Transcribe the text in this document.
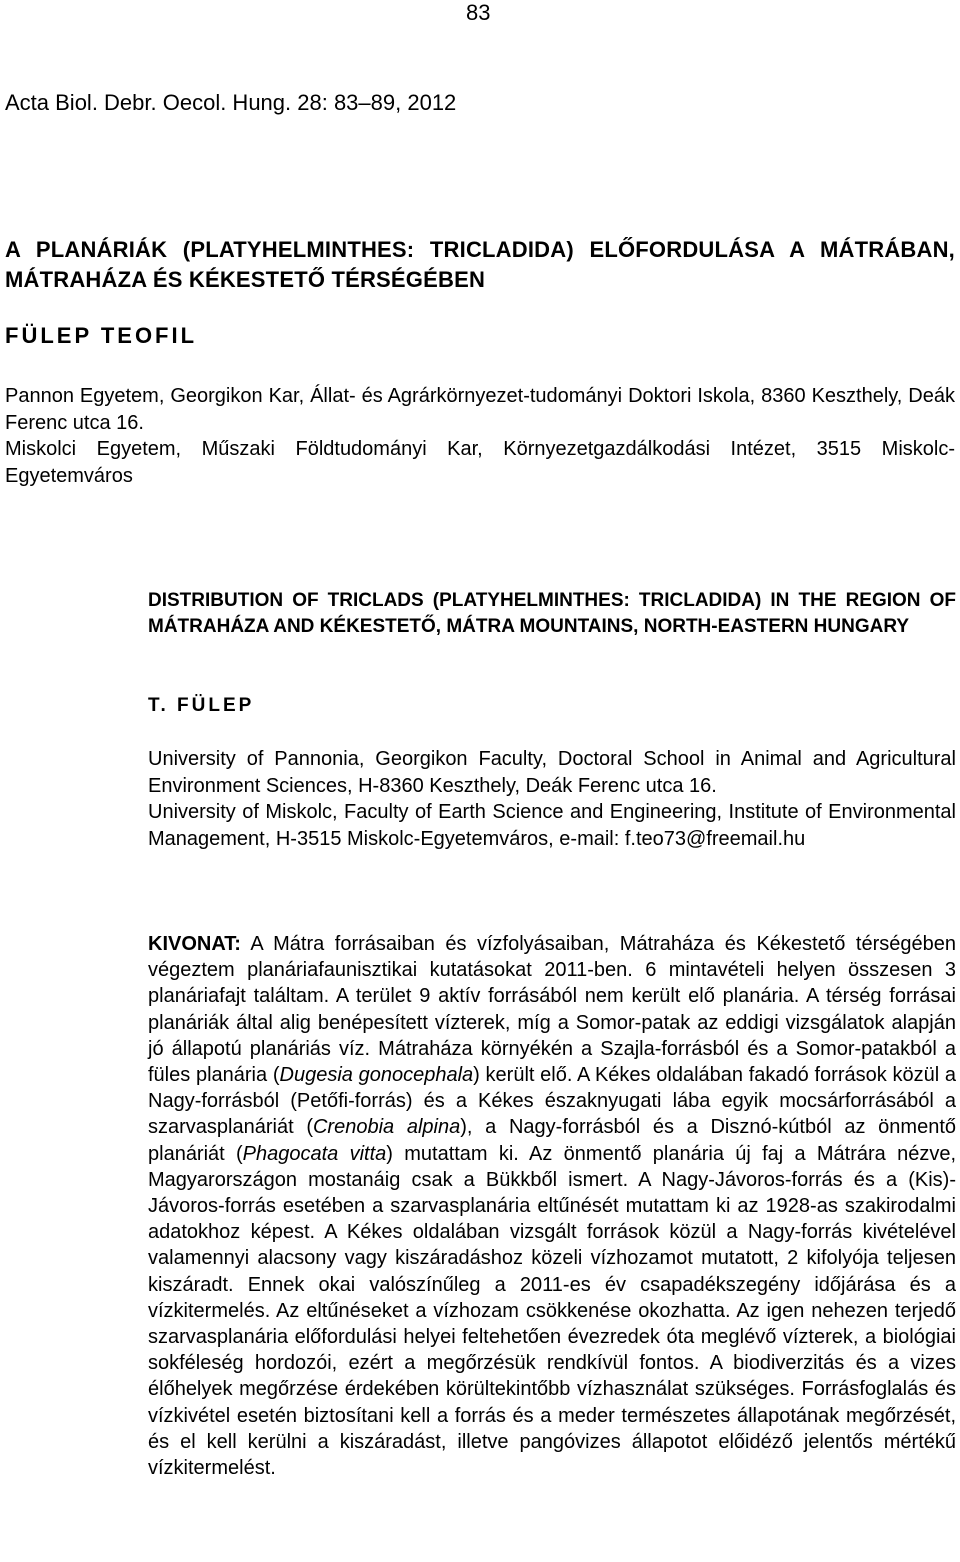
83
Acta Biol. Debr. Oecol. Hung. 28: 83–89, 2012
A PLANÁRIÁK (PLATYHELMINTHES: TRICLADIDA) ELŐFORDULÁSA A MÁTRÁBAN, MÁTRAHÁZA ÉS KÉKESTETŐ TÉRSÉGÉBEN
FÜLEP TEOFIL

Pannon Egyetem, Georgikon Kar, Állat- és Agrárkörnyezet-tudományi Doktori Iskola, 8360 Keszthely, Deák Ferenc utca 16.

Miskolci Egyetem, Műszaki Földtudományi Kar, Környezetgazdálkodási Intézet, 3515 Miskolc-Egyetemváros

DISTRIBUTION OF TRICLADS (PLATYHELMINTHES: TRICLADIDA) IN THE REGION OF MÁTRAHÁZA AND KÉKESTETŐ, MÁTRA MOUNTAINS, NORTH-EASTERN HUNGARY
T. FÜLEP

University of Pannonia, Georgikon Faculty, Doctoral School in Animal and Agricultural Environment Sciences, H-8360 Keszthely, Deák Ferenc utca 16.

University of Miskolc, Faculty of Earth Science and Engineering, Institute of Environmental Management, H-3515 Miskolc-Egyetemváros, e-mail: f.teo73@freemail.hu

KIVONAT: A Mátra forrásaiban és vízfolyásaiban, Mátraháza és Kékestető térségében végeztem planáriafaunisztikai kutatásokat 2011-ben. 6 mintavételi helyen összesen 3 planáriafajt találtam. A terület 9 aktív forrásából nem került elő planária. A térség forrásai planáriák által alig benépesített vízterek, míg a Somor-patak az eddigi vizsgálatok alapján jó állapotú planáriás víz. Mátraháza környékén a Szajla-forrásból és a Somor-patakból a füles planária (Dugesia gonocephala) került elő. A Kékes oldalában fakadó források közül a Nagy-forrásból (Petőfi-forrás) és a Kékes északnyugati lába egyik mocsárforrásából a szarvasplanáriát (Crenobia alpina), a Nagy-forrásból és a Disznó-kútból az önmentő planáriát (Phagocata vitta) mutattam ki. Az önmentő planária új faj a Mátrára nézve, Magyarországon mostanáig csak a Bükkből ismert. A Nagy-Jávoros-forrás és a (Kis)-Jávoros-forrás esetében a szarvasplanária eltűnését mutattam ki az 1928-as szakirodalmi adatokhoz képest. A Kékes oldalában vizsgált források közül a Nagy-forrás kivételével valamennyi alacsony vagy kiszáradáshoz közeli vízhozamot mutatott, 2 kifolyója teljesen kiszáradt. Ennek okai valószínűleg a 2011-es év csapadékszegény időjárása és a vízkitermelés. Az eltűnéseket a vízhozam csökkenése okozhatta. Az igen nehezen terjedő szarvasplanária előfordulási helyei feltehetően évezredek óta meglévő vízterek, a biológiai sokféleség hordozói, ezért a megőrzésük rendkívül fontos. A biodiverzitás és a vizes élőhelyek megőrzése érdekében körültekintőbb vízhasználat szükséges. Forrásfoglalás és vízkivétel esetén biztosítani kell a forrás és a meder természetes állapotának megőrzését, és el kell kerülni a kiszáradást, illetve pangóvizes állapotot előidéző jelentős mértékű vízkitermelést.
